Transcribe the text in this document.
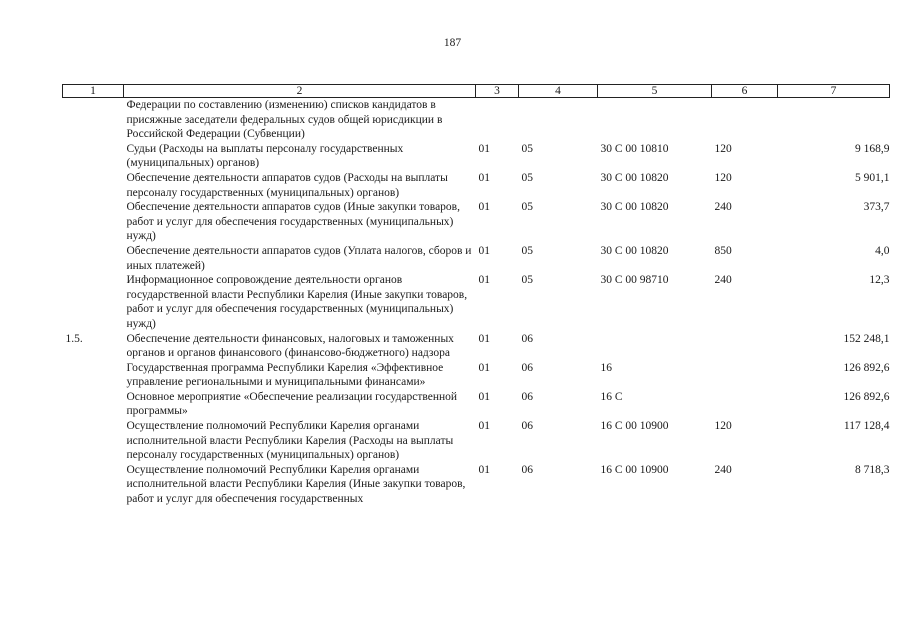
187
1	2	3	4	5	6	7
	Федерации по составлению (изменению) списков кандидатов в присяжные заседатели федеральных судов общей юрисдикции в Российской Федерации (Субвенции)					
	Судьи (Расходы на выплаты персоналу государственных (муниципальных) органов)	01	05	30 С 00 10810	120	9 168,9
	Обеспечение деятельности аппаратов судов (Расходы на выплаты персоналу государственных (муниципальных) органов)	01	05	30 С 00 10820	120	5 901,1
	Обеспечение деятельности аппаратов судов (Иные закупки товаров, работ и услуг для обеспечения государственных (муниципальных) нужд)	01	05	30 С 00 10820	240	373,7
	Обеспечение деятельности аппаратов судов (Уплата налогов, сборов и иных платежей)	01	05	30 С 00 10820	850	4,0
	Информационное сопровождение деятельности органов государственной власти Республики Карелия (Иные закупки товаров, работ и услуг для обеспечения государственных (муниципальных) нужд)	01	05	30 С 00 98710	240	12,3
1.5.	Обеспечение деятельности финансовых, налоговых и таможенных органов и органов финансового (финансово-бюджетного) надзора	01	06			152 248,1
	Государственная программа Республики Карелия «Эффективное управление региональными и муниципальными финансами»	01	06	16		126 892,6
	Основное мероприятие «Обеспечение реализации государственной программы»	01	06	16 С		126 892,6
	Осуществление полномочий Республики Карелия органами исполнительной власти Республики Карелия (Расходы на выплаты персоналу государственных (муниципальных) органов)	01	06	16 С 00 10900	120	117 128,4
	Осуществление полномочий Республики Карелия органами исполнительной власти Республики Карелия (Иные закупки товаров, работ и услуг для обеспечения государственных	01	06	16 С 00 10900	240	8 718,3
